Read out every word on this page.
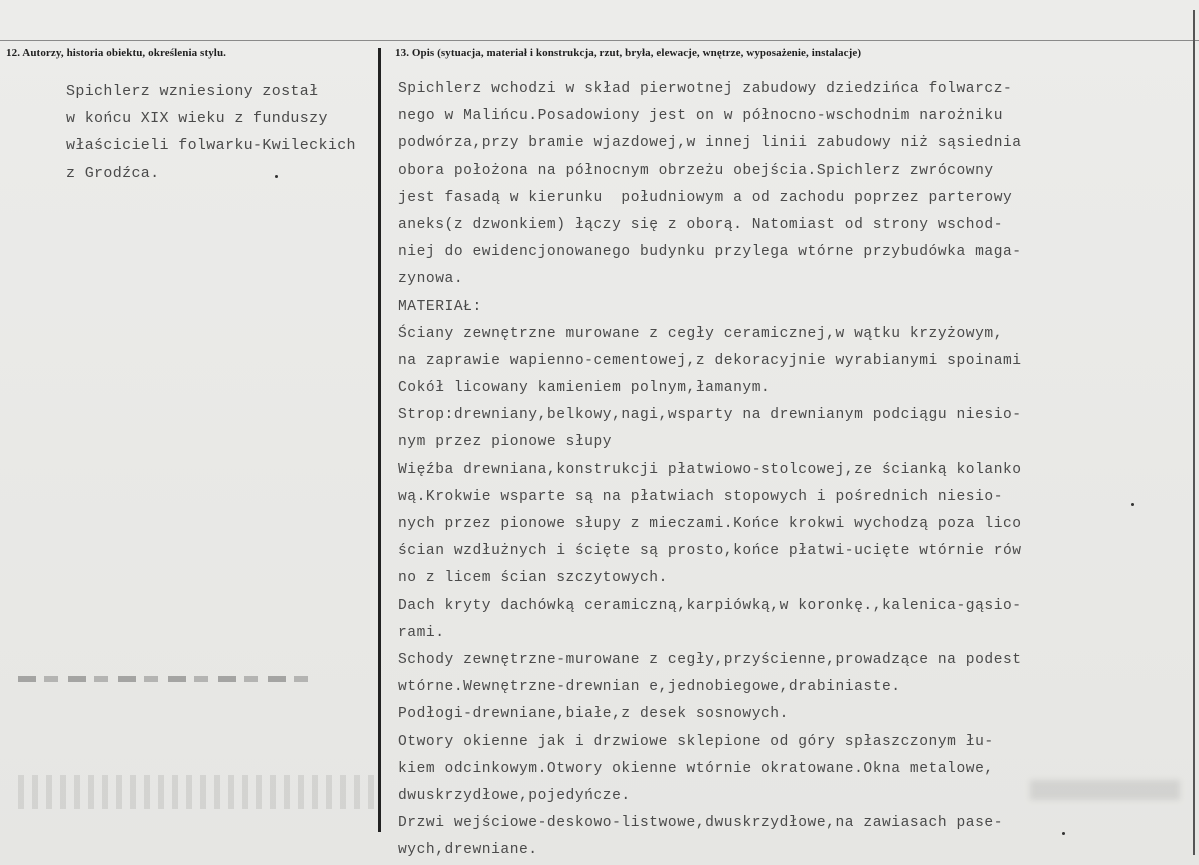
12. Autorzy, historia obiektu, określenia stylu.	13. Opis (sytuacja, materiał i konstrukcja, rzut, bryła, elewacje, wnętrze, wyposażenie, instalacje)
Spichlerz wzniesiony został
w końcu XIX wieku z funduszy
właścicieli folwarku-Kwileckich
z Grodźca.
Spichlerz wchodzi w skład pierwotnej zabudowy dziedzińca folwarcz-
nego w Malińcu.Posadowiony jest on w północno-wschodnim narożniku
podwórza,przy bramie wjazdowej,w innej linii zabudowy niż sąsiednia
obora położona na północnym obrzeżu obejścia.Spichlerz zwrócowny
jest fasadą w kierunku  południowym a od zachodu poprzez parterowy
aneks(z dzwonkiem) łączy się z oborą. Natomiast od strony wschod-
niej do ewidencjonowanego budynku przylega wtórne przybudówka maga-
zynowa.
MATERIAŁ:
Ściany zewnętrzne murowane z cegły ceramicznej,w wątku krzyżowym,
na zaprawie wapienno-cementowej,z dekoracyjnie wyrabianymi spoinami
Cokół licowany kamieniem polnym,łamanym.
Strop:drewniany,belkowy,nagi,wsparty na drewnianym podciągu niesio-
nym przez pionowe słupy
Więźba drewniana,konstrukcji płatwiowo-stolcowej,ze ścianką kolanko
wą.Krokwie wsparte są na płatwiach stopowych i pośrednich niesio-
nych przez pionowe słupy z mieczami.Końce krokwi wychodzą poza lico
ścian wzdłużnych i ścięte są prosto,końce płatwi-ucięte wtórnie rów
no z licem ścian szczytowych.
Dach kryty dachówką ceramiczną,karpiówką,w koronkę.,kalenica-gąsio-
rami.
Schody zewnętrzne-murowane z cegły,przyścienne,prowadzące na podest
wtórne.Wewnętrzne-drewnian e,jednobiegowe,drabiniaste.
Podłogi-drewniane,białe,z desek sosnowych.
Otwory okienne jak i drzwiowe sklepione od góry spłaszczonym łu-
kiem odcinkowym.Otwory okienne wtórnie okratowane.Okna metalowe,
dwuskrzydłowe,pojedyńcze.
Drzwi wejściowe-deskowo-listwowe,dwuskrzydłowe,na zawiasach pase-
wych,drewniane.
